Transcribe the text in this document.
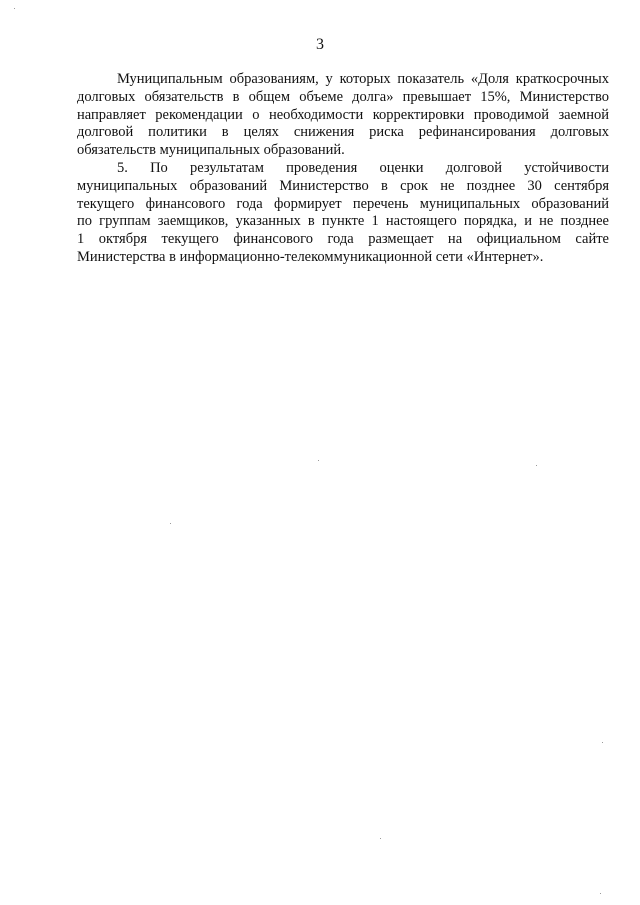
3
Муниципальным образованиям, у которых показатель «Доля краткосрочных
долговых обязательств в общем объеме долга» превышает 15%, Министерство
направляет рекомендации о необходимости корректировки проводимой заемной
долговой политики в целях снижения риска рефинансирования долговых
обязательств муниципальных образований.
5. По результатам проведения оценки долговой устойчивости
муниципальных образований Министерство в срок не позднее 30 сентября
текущего финансового года формирует перечень муниципальных образований
по группам заемщиков, указанных в пункте 1 настоящего порядка, и не позднее
1 октября текущего финансового года размещает на официальном сайте
Министерства в информационно-телекоммуникационной сети «Интернет».
